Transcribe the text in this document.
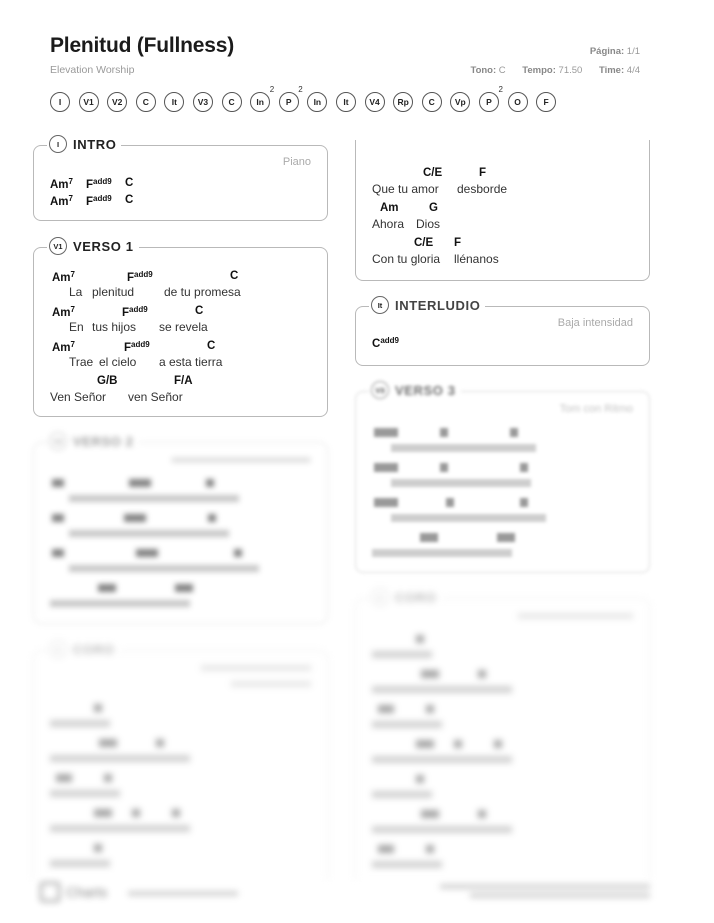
Plenitud (Fullness)
Elevation Worship
Página: 1/1
Tono: C Tempo: 71.50 Time: 4/4
I	V1 V2 C	It V3 C	In
2
P
2
In	It V4 Rp C Vp P
2
O	F
Piano
Am$^7$ $F^{add9}$ C
Am$^7$ $F^{add9}$ C
I	INTRO
Am$^7$	$F^{add9}$	C
La plenitud de tu promesa
Am$^7$	$F^{add9}$	C
En tus hijos se revela
Am$^7$	$F^{add9}$	C
Trae el cielo a esta tierra
G/B	F/A
Ven Señor ven Señor
V1 VERSO 1
V2 VERSO 2
C CORO
C/E	F
Que tu amor desborde
Am	G
Ahora Dios
C/E F
Con tu gloria llénanos
Baja intensidad
$C^{add9}$
It INTERLUDIO
Tom con Ritmo
V3 VERSO 3
C CORO
Charts
